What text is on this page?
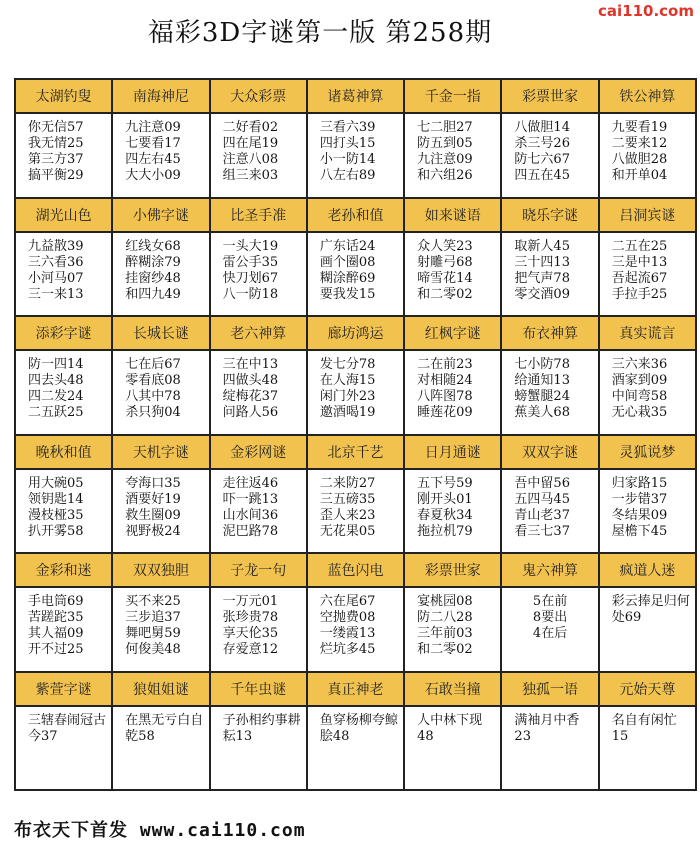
cai110.com
福彩3D字谜第一版 第258期
太湖钓叟
你无信57
我无情25
第三方37
搞平衡29
南海神尼
九注意09
七要看17
四左右45
大大小09
大众彩票
二好看02
四在尾19
注意八08
组三来03
诸葛神算
三看六39
四打头15
小一防14
八左右89
千金一指
七二胆27
防五到05
九注意09
和六组26
彩票世家
八做胆14
杀三号26
防七六67
四五在45
铁公神算
九要看19
二要来12
八做胆28
和开单04
湖光山色
九益散39
三六看36
小河马07
三一来13
小佛字谜
红线女68
醉糊涂79
挂窗纱48
和四九49
比圣手准
一头大19
雷公手35
快刀划67
八一防18
老孙和值
广东话24
画个圈08
糊涂醉69
要我发15
如来谜语
众人笑23
射雕弓68
啼雪花14
和二零02
晓乐字谜
取新人45
三十四13
把气声78
零交酒09
吕洞宾谜
二五在25
三是中13
吾起流67
手拉手25
添彩字谜
防一四14
四去头48
四二发24
二五跃25
长城长谜
七在后67
零看底08
八其中78
杀只狗04
老六神算
三在中13
四做头48
绽梅花37
问路人56
廊坊鸿运
发七分78
在人海15
闲门外23
邀酒喝19
红枫字谜
二在前23
对相随24
八阵图78
睡莲花09
布衣神算
七小防78
给通知13
螃蟹腿24
蕉美人68
真实谎言
三六来36
酒家到09
中间弯58
无心栽35
晚秋和值
用大碗05
领钥匙14
漫枝桠35
扒开雾58
天机字谜
夸海口35
酒要好19
救生圈09
视野极24
金彩网谜
走往返46
吓一跳13
山水间36
泥巴路78
北京千艺
二来防27
三五磅35
歪人来23
无花果05
日月通谜
五下号59
刚开头01
春夏秋34
拖拉机79
双双字谜
吾中留56
五四马45
青山老37
看三七37
灵狐说梦
归家路15
一步错37
冬结果09
屋檐下45
金彩和迷
手电筒69
苦蹉跎35
其人福09
开不过25
双双独胆
买不来25
三步追37
舞吧舅59
何俊美48
子龙一句
一万元01
张珍贵78
享天伦35
存爱意12
蓝色闪电
六在尾67
空抛费08
一缕霞13
烂坑多45
彩票世家
宴桃园08
防二八28
三年前03
和二零02
鬼六神算
5在前
8要出
4在后
疯道人迷
彩云捧足归何处69
紫萱字谜
三辖春闹冠古今37
狼姐姐谜
在黑无亏白自乾58
千年虫谜
子孙相约事耕耘13
真正神老
鱼穿杨柳夸鲸脍48
石敢当撞
人中林下现48
独孤一语
满袖月中香23
元始天尊
名自有闲忙15
布衣天下首发 www.cai110.com
